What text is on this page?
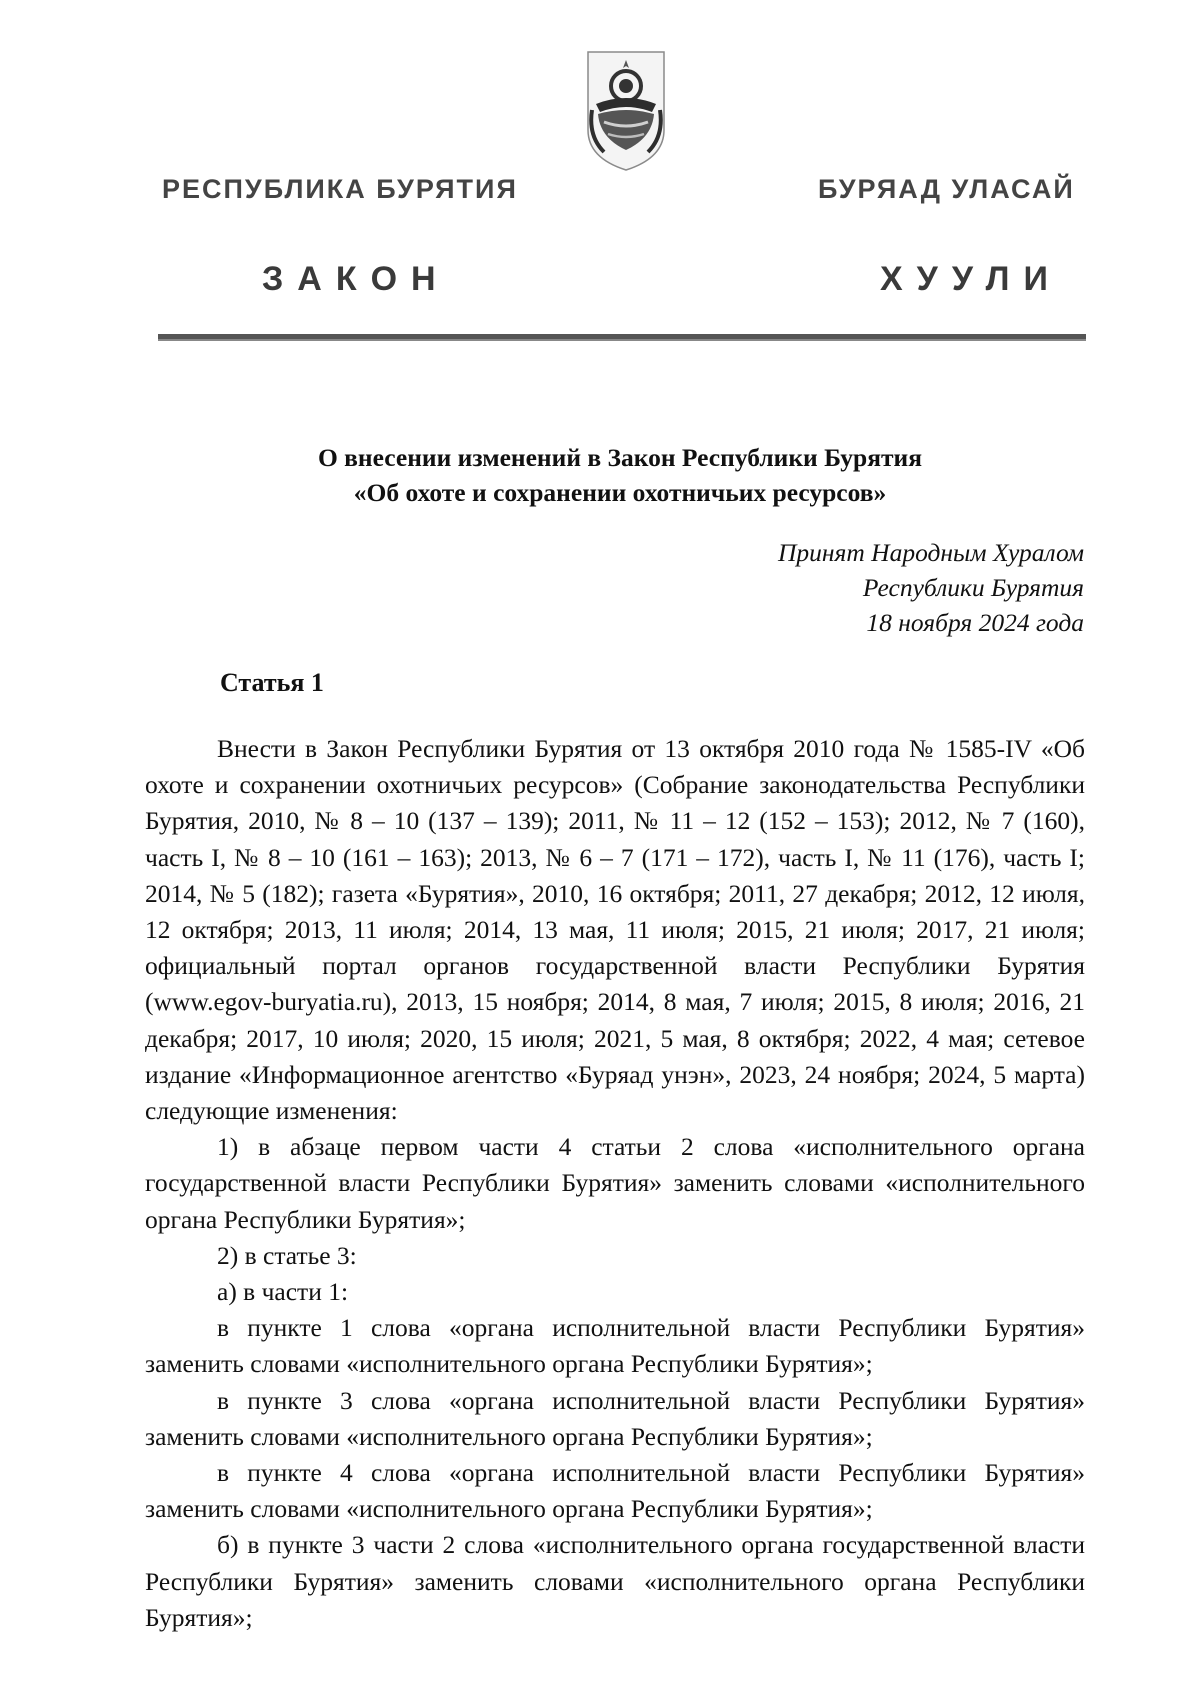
РЕСПУБЛИКА БУРЯТИЯ	БУРЯАД УЛАСАЙ
ЗАКОН	ХУУЛИ
О внесении изменений в Закон Республики Бурятия
«Об охоте и сохранении охотничьих ресурсов»
Принят Народным Хуралом
Республики Бурятия
18 ноября 2024 года
Статья 1

Внести в Закон Республики Бурятия от 13 октября 2010 года № 1585-IV «Об охоте и сохранении охотничьих ресурсов» (Собрание законодательства Республики Бурятия, 2010, № 8 – 10 (137 – 139); 2011, № 11 – 12 (152 – 153); 2012, № 7 (160), часть I, № 8 – 10 (161 – 163); 2013, № 6 – 7 (171 – 172), часть I, № 11 (176), часть I; 2014, № 5 (182); газета «Бурятия», 2010, 16 октября; 2011, 27 декабря; 2012, 12 июля, 12 октября; 2013, 11 июля; 2014, 13 мая, 11 июля; 2015, 21 июля; 2017, 21 июля; официальный портал органов государственной власти Республики Бурятия (www.egov-buryatia.ru), 2013, 15 ноября; 2014, 8 мая, 7 июля; 2015, 8 июля; 2016, 21 декабря; 2017, 10 июля; 2020, 15 июля; 2021, 5 мая, 8 октября; 2022, 4 мая; сетевое издание «Информационное агентство «Буряад унэн», 2023, 24 ноября; 2024, 5 марта) следующие изменения:

1) в абзаце первом части 4 статьи 2 слова «исполнительного органа государственной власти Республики Бурятия» заменить словами «исполнительного органа Республики Бурятия»;

2) в статье 3:

а) в части 1:

в пункте 1 слова «органа исполнительной власти Республики Бурятия» заменить словами «исполнительного органа Республики Бурятия»;

в пункте 3 слова «органа исполнительной власти Республики Бурятия» заменить словами «исполнительного органа Республики Бурятия»;

в пункте 4 слова «органа исполнительной власти Республики Бурятия» заменить словами «исполнительного органа Республики Бурятия»;

б) в пункте 3 части 2 слова «исполнительного органа государственной власти Республики Бурятия» заменить словами «исполнительного органа Республики Бурятия»;
